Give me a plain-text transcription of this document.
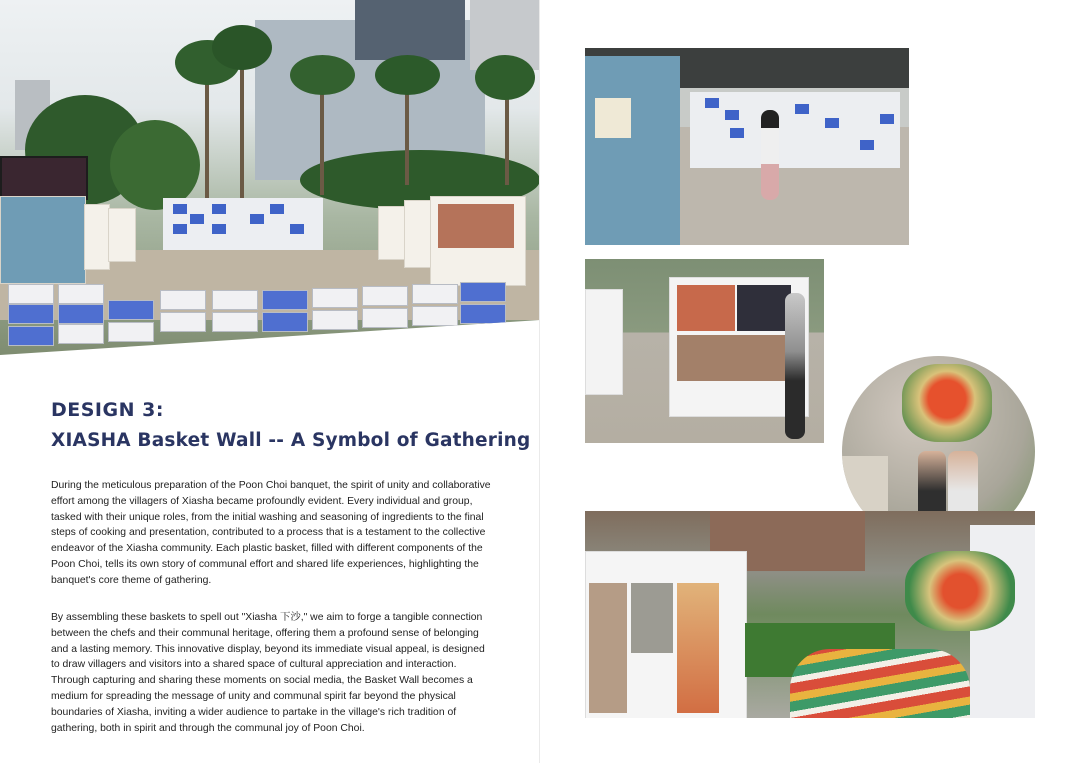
DESIGN 3:
XIASHA Basket Wall -- A Symbol of Gathering

During the meticulous preparation of the Poon Choi banquet, the spirit of unity and collaborative effort among the villagers of Xiasha became profoundly evident. Every individual and group, tasked with their unique roles, from the initial washing and seasoning of ingredients to the final steps of cooking and presentation, contributed to a process that is a testament to the collective endeavor of the Xiasha community. Each plastic basket, filled with different components of the Poon Choi, tells its own story of communal effort and shared life experiences, highlighting the banquet's core theme of gathering.

By assembling these baskets to spell out "Xiasha 下沙," we aim to forge a tangible connection between the chefs and their communal heritage, offering them a profound sense of belonging and a lasting memory. This innovative display, beyond its immediate visual appeal, is designed to draw villagers and visitors into a shared space of cultural appreciation and interaction. Through capturing and sharing these moments on social media, the Basket Wall becomes a medium for spreading the message of unity and communal spirit far beyond the physical boundaries of Xiasha, inviting a wider audience to partake in the village's rich tradition of gathering, both in spirit and through the communal joy of Poon Choi.
